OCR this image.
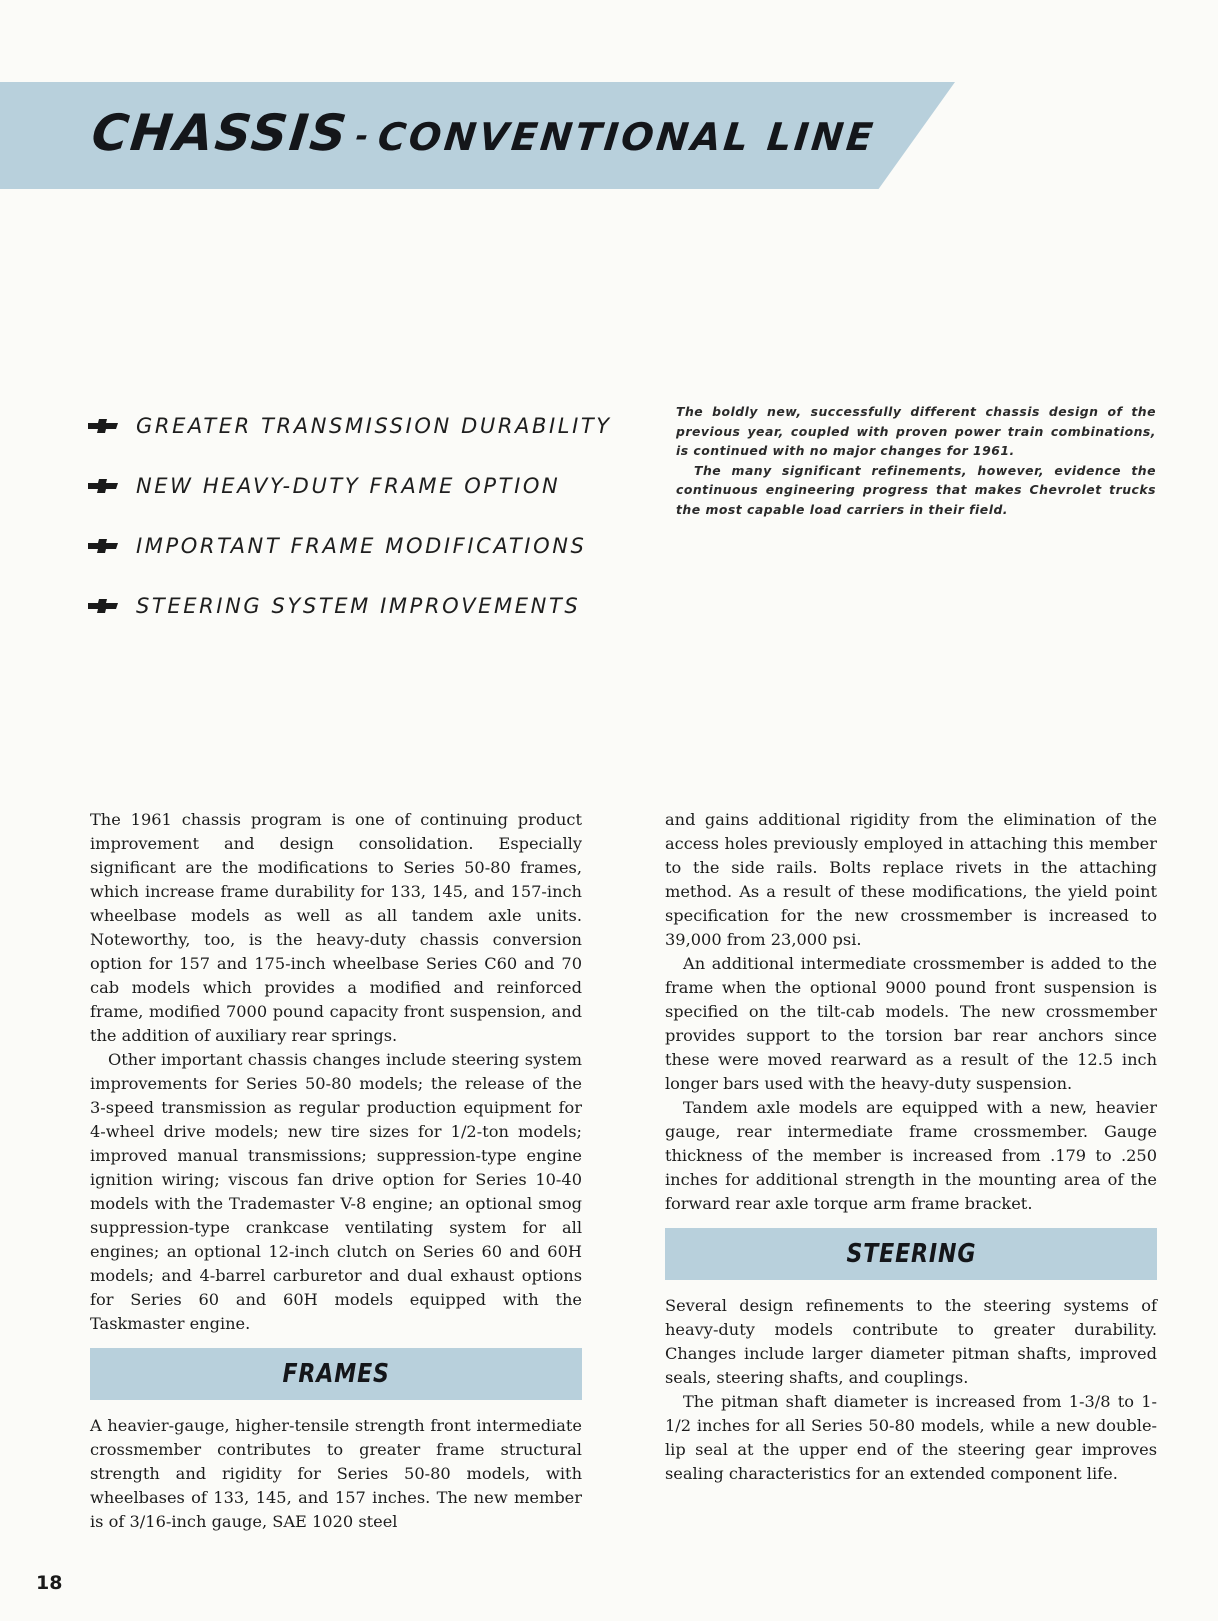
CHASSIS-CONVENTIONAL LINE
GREATER TRANSMISSION DURABILITY
NEW HEAVY-DUTY FRAME OPTION
IMPORTANT FRAME MODIFICATIONS
STEERING SYSTEM IMPROVEMENTS

The boldly new, successfully different chassis design of the previous year, coupled with proven power train combinations, is continued with no major changes for 1961.

The many significant refinements, however, evidence the continuous engineering progress that makes Chevrolet trucks the most capable load carriers in their field.

The 1961 chassis program is one of continuing product improvement and design consolidation. Especially significant are the modifications to Series 50-80 frames, which increase frame durability for 133, 145, and 157-inch wheelbase models as well as all tandem axle units. Noteworthy, too, is the heavy-duty chassis conversion option for 157 and 175-inch wheelbase Series C60 and 70 cab models which provides a modified and reinforced frame, modified 7000 pound capacity front suspension, and the addition of auxiliary rear springs.

Other important chassis changes include steering system improvements for Series 50-80 models; the release of the 3-speed transmission as regular production equipment for 4-wheel drive models; new tire sizes for 1/2-ton models; improved manual transmissions; suppression-type engine ignition wiring; viscous fan drive option for Series 10-40 models with the Trademaster V-8 engine; an optional smog suppression-type crankcase ventilating system for all engines; an optional 12-inch clutch on Series 60 and 60H models; and 4-barrel carburetor and dual exhaust options for Series 60 and 60H models equipped with the Taskmaster engine.

FRAMES

A heavier-gauge, higher-tensile strength front intermediate crossmember contributes to greater frame structural strength and rigidity for Series 50-80 models, with wheelbases of 133, 145, and 157 inches. The new member is of 3/16-inch gauge, SAE 1020 steel

and gains additional rigidity from the elimination of the access holes previously employed in attaching this member to the side rails. Bolts replace rivets in the attaching method. As a result of these modifications, the yield point specification for the new crossmember is increased to 39,000 from 23,000 psi.

An additional intermediate crossmember is added to the frame when the optional 9000 pound front suspension is specified on the tilt-cab models. The new crossmember provides support to the torsion bar rear anchors since these were moved rearward as a result of the 12.5 inch longer bars used with the heavy-duty suspension.

Tandem axle models are equipped with a new, heavier gauge, rear intermediate frame crossmember. Gauge thickness of the member is increased from .179 to .250 inches for additional strength in the mounting area of the forward rear axle torque arm frame bracket.

STEERING

Several design refinements to the steering systems of heavy-duty models contribute to greater durability. Changes include larger diameter pitman shafts, improved seals, steering shafts, and couplings.

The pitman shaft diameter is increased from 1-3/8 to 1-1/2 inches for all Series 50-80 models, while a new double-lip seal at the upper end of the steering gear improves sealing characteristics for an extended component life.

18
